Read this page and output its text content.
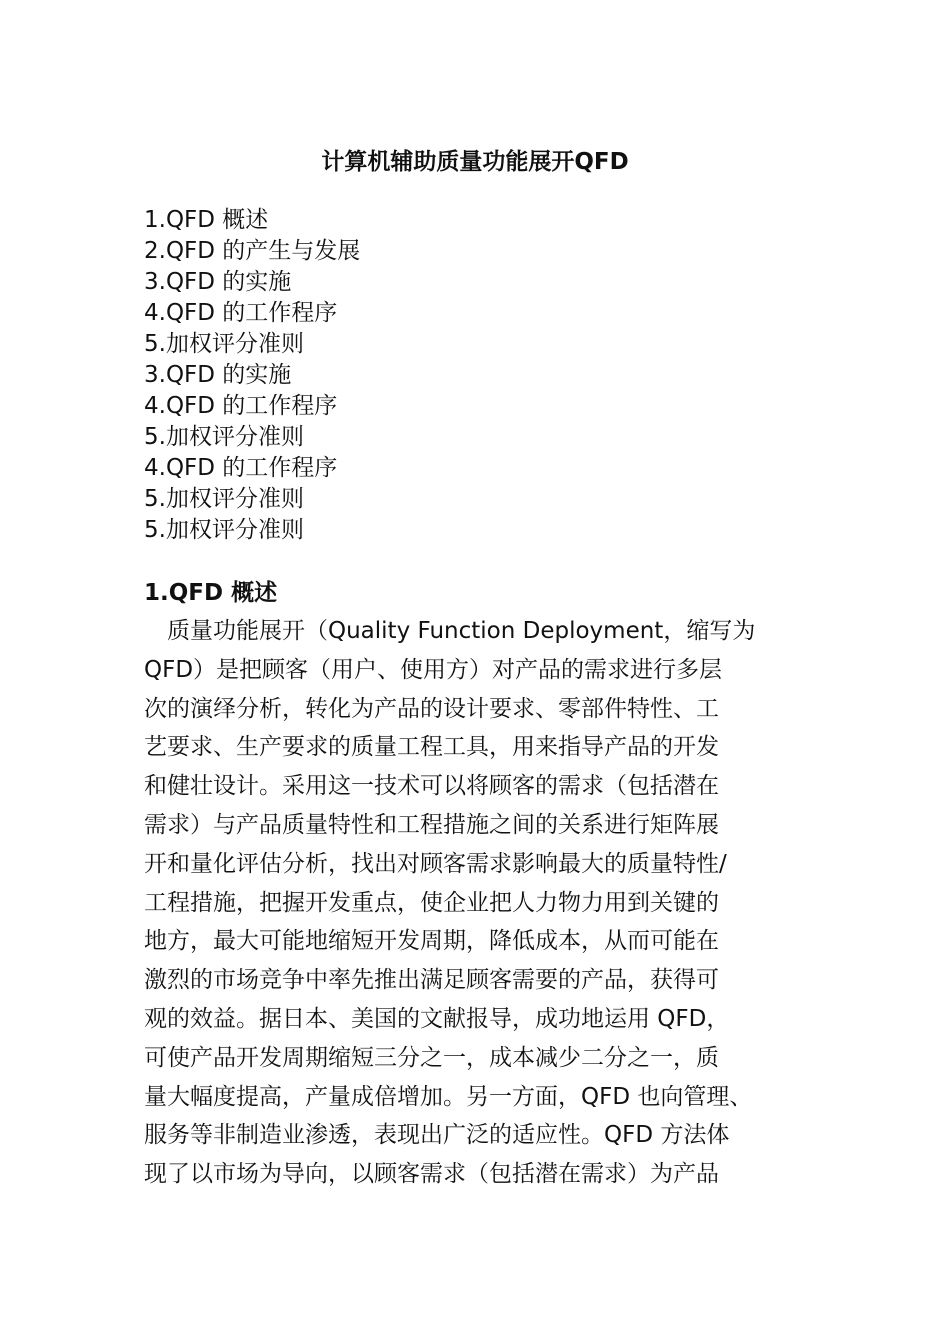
计算机辅助质量功能展开QFD
1.QFD 概述
2.QFD 的产生与发展
3.QFD 的实施
4.QFD 的工作程序
5.加权评分准则
3.QFD 的实施
4.QFD 的工作程序
5.加权评分准则
4.QFD 的工作程序
5.加权评分准则
5.加权评分准则
1.QFD 概述
　质量功能展开（Quality Function Deployment，缩写为
QFD）是把顾客（用户、使用方）对产品的需求进行多层
次的演绎分析，转化为产品的设计要求、零部件特性、工
艺要求、生产要求的质量工程工具，用来指导产品的开发
和健壮设计。采用这一技术可以将顾客的需求（包括潜在
需求）与产品质量特性和工程措施之间的关系进行矩阵展
开和量化评估分析，找出对顾客需求影响最大的质量特性/
工程措施，把握开发重点，使企业把人力物力用到关键的
地方，最大可能地缩短开发周期，降低成本，从而可能在
激烈的市场竞争中率先推出满足顾客需要的产品，获得可
观的效益。据日本、美国的文献报导，成功地运用 QFD，
可使产品开发周期缩短三分之一，成本减少二分之一，质
量大幅度提高，产量成倍增加。另一方面，QFD 也向管理、
服务等非制造业渗透，表现出广泛的适应性。QFD 方法体
现了以市场为导向，以顾客需求（包括潜在需求）为产品
